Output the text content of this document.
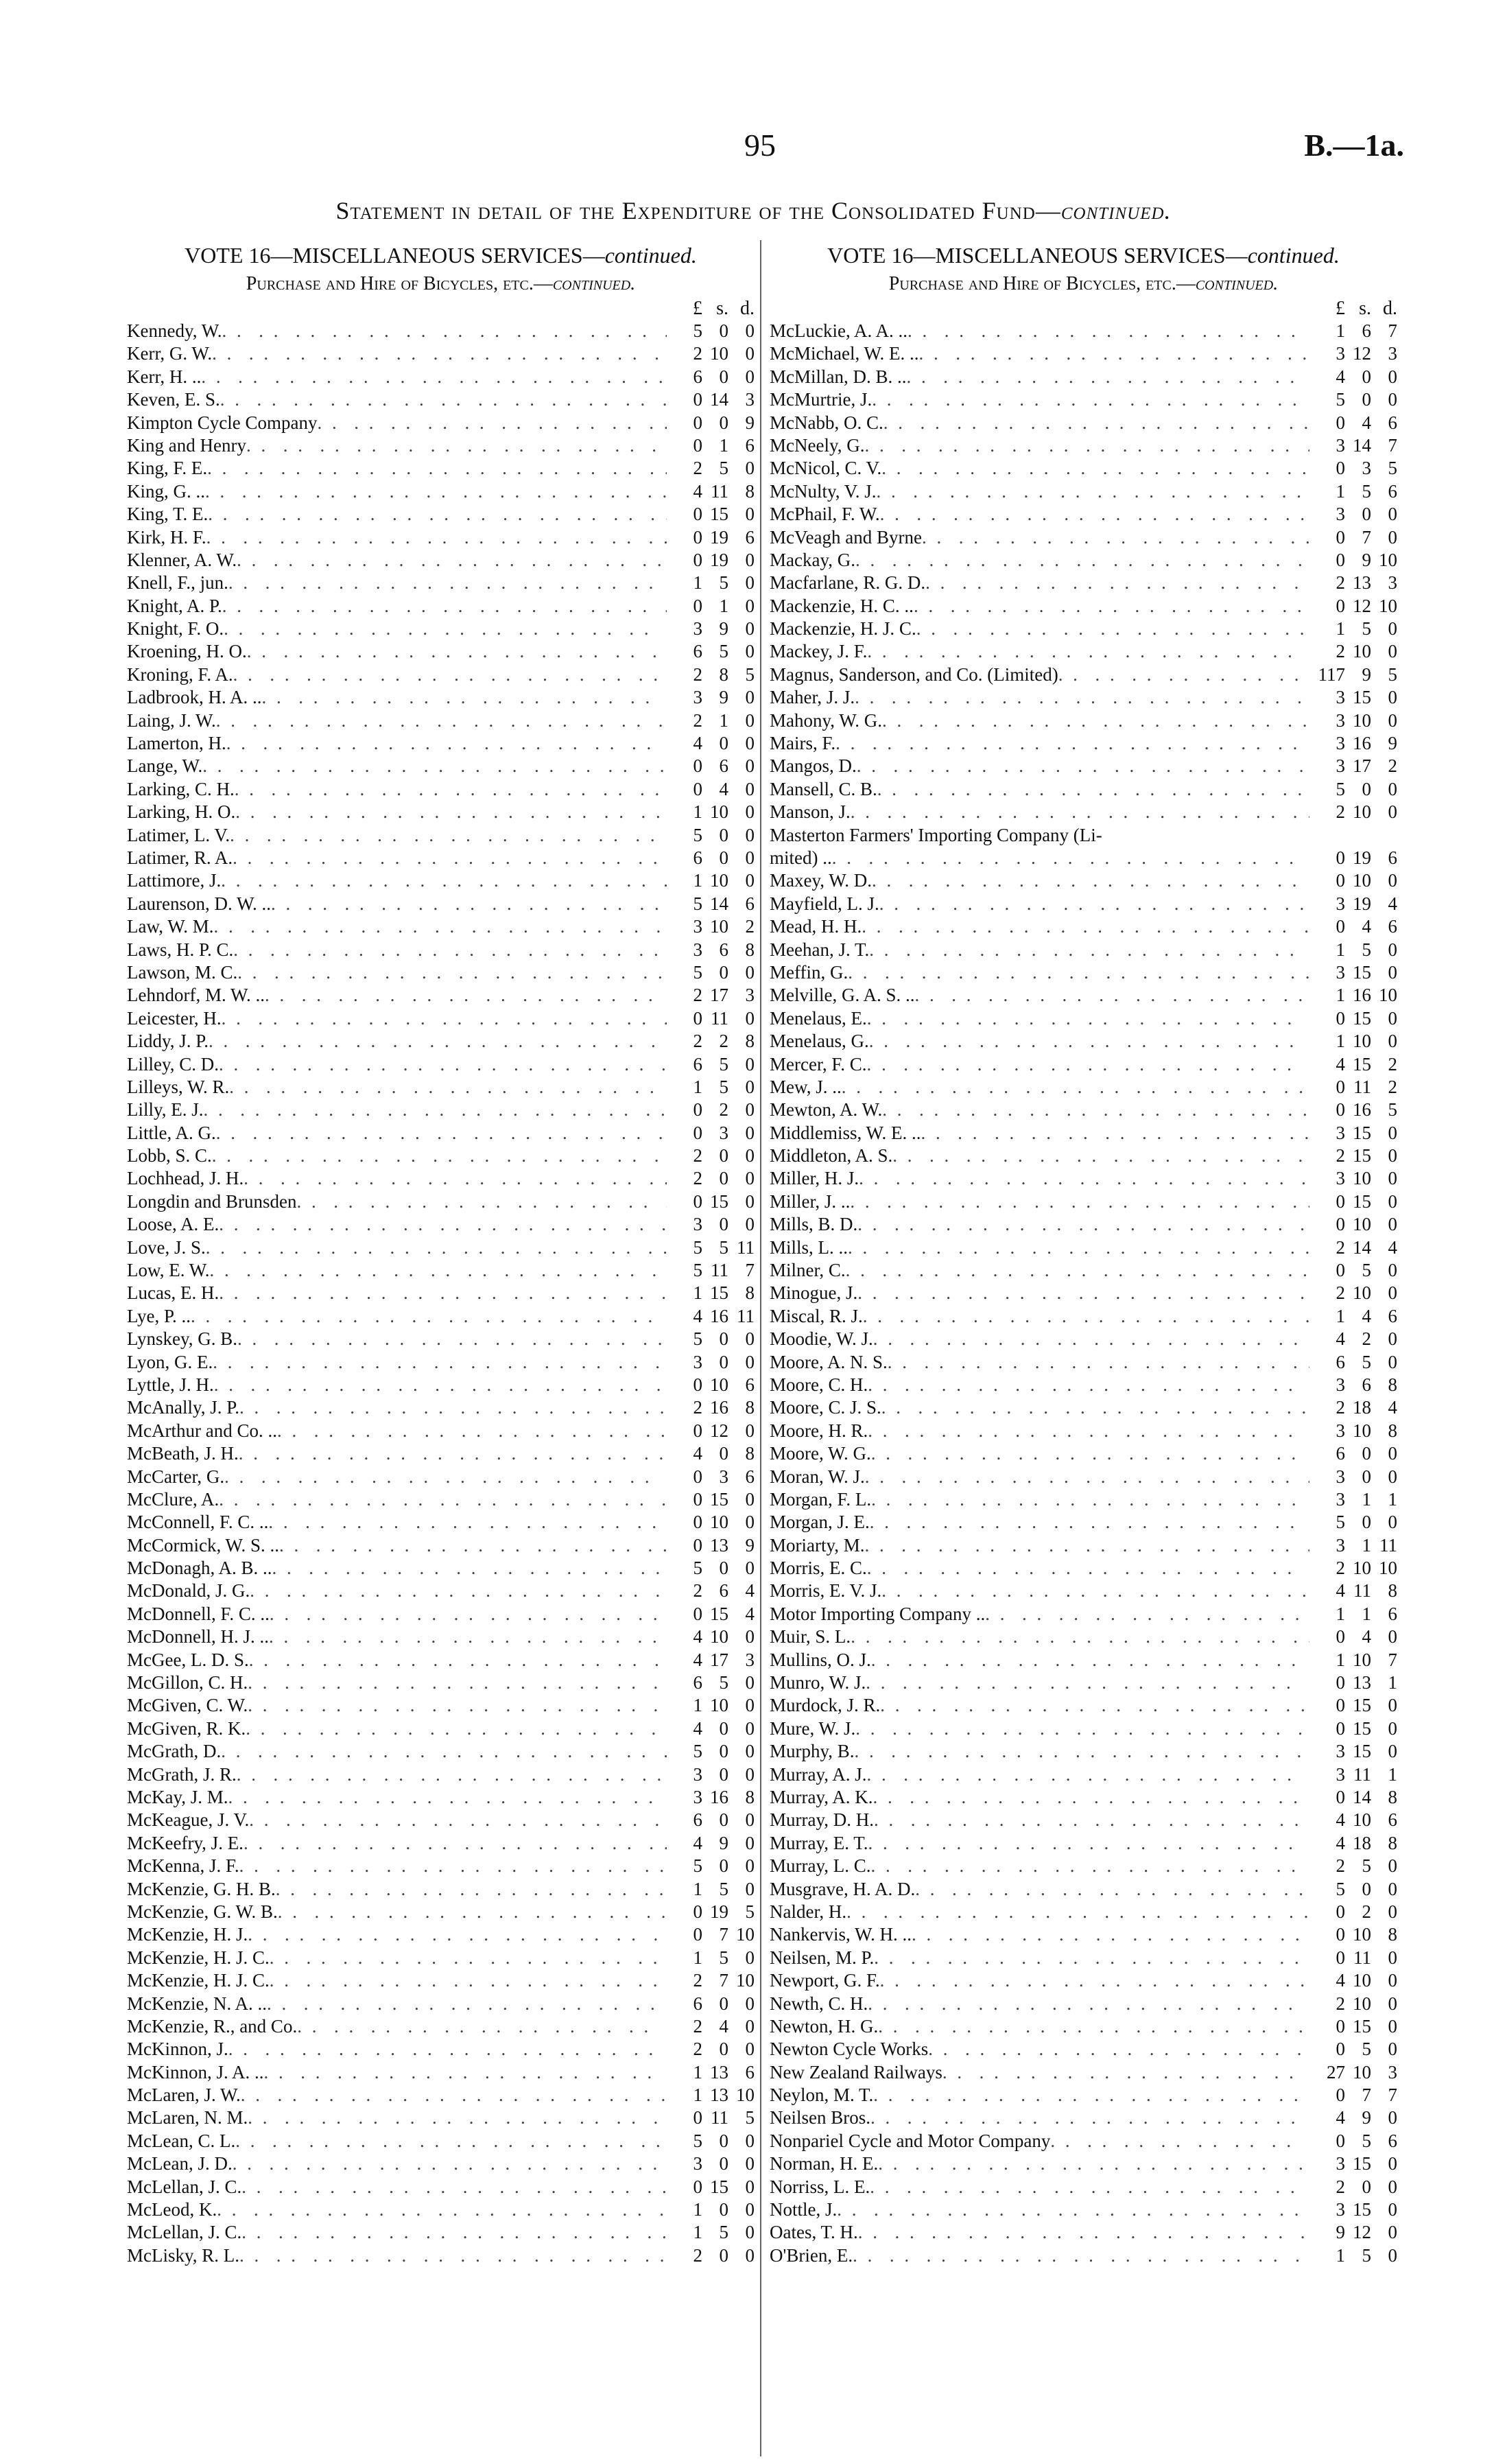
95	B.—1a.
Statement in detail of the Expenditure of the Consolidated Fund—continued.
VOTE 16—MISCELLANEOUS SERVICES—continued.
Purchase and Hire of Bicycles, etc.—continued.
£ s. d.
Kennedy, W. . .	5 0 0
Kerr, G. W. . .	2 10 0
Kerr, H. .. . .	6 0 0
Keven, E. S. . .	0 14 3
Kimpton Cycle Company . .	0 0 9
King and Henry . .	0 1 6
King, F. E. . .	2 5 0
King, G. .. . .	4 11 8
King, T. E. . .	0 15 0
Kirk, H. F. . .	0 19 6
Klenner, A. W. . .	0 19 0
Knell, F., jun. . .	1 5 0
Knight, A. P. . .	0 1 0
Knight, F. O. . .	3 9 0
Kroening, H. O. . .	6 5 0
Kroning, F. A. . .	2 8 5
Ladbrook, H. A. .. . .	3 9 0
Laing, J. W. . .	2 1 0
Lamerton, H. . .	4 0 0
Lange, W. . .	0 6 0
Larking, C. H. . .	0 4 0
Larking, H. O. . .	1 10 0
Latimer, L. V. . .	5 0 0
Latimer, R. A. . .	6 0 0
Lattimore, J. . .	1 10 0
Laurenson, D. W. .. . .	5 14 6
Law, W. M. . .	3 10 2
Laws, H. P. C. . .	3 6 8
Lawson, M. C. . .	5 0 0
Lehndorf, M. W. .. . .	2 17 3
Leicester, H. . .	0 11 0
Liddy, J. P. . .	2 2 8
Lilley, C. D. . .	6 5 0
Lilleys, W. R. . .	1 5 0
Lilly, E. J. . .	0 2 0
Little, A. G. . .	0 3 0
Lobb, S. C. . .	2 0 0
Lochhead, J. H. . .	2 0 0
Longdin and Brunsden . .	0 15 0
Loose, A. E. . .	3 0 0
Love, J. S. . .	5 5 11
Low, E. W. . .	5 11 7
Lucas, E. H. . .	1 15 8
Lye, P. .. . .	4 16 11
Lynskey, G. B. . .	5 0 0
Lyon, G. E. . .	3 0 0
Lyttle, J. H. . .	0 10 6
McAnally, J. P. . .	2 16 8
McArthur and Co. .. . .	0 12 0
McBeath, J. H. . .	4 0 8
McCarter, G. . .	0 3 6
McClure, A. . .	0 15 0
McConnell, F. C. .. . .	0 10 0
McCormick, W. S. .. . .	0 13 9
McDonagh, A. B. .. . .	5 0 0
McDonald, J. G. . .	2 6 4
McDonnell, F. C. .. . .	0 15 4
McDonnell, H. J. .. . .	4 10 0
McGee, L. D. S. . .	4 17 3
McGillon, C. H. . .	6 5 0
McGiven, C. W. . .	1 10 0
McGiven, R. K. . .	4 0 0
McGrath, D. . .	5 0 0
McGrath, J. R. . .	3 0 0
McKay, J. M. . .	3 16 8
McKeague, J. V. . .	6 0 0
McKeefry, J. E. . .	4 9 0
McKenna, J. F. . .	5 0 0
McKenzie, G. H. B. . .	1 5 0
McKenzie, G. W. B. . .	0 19 5
McKenzie, H. J. . .	0 7 10
McKenzie, H. J. C. . .	1 5 0
McKenzie, H. J. C. . .	2 7 10
McKenzie, N. A. .. . .	6 0 0
McKenzie, R., and Co. . .	2 4 0
McKinnon, J. . .	2 0 0
McKinnon, J. A. .. . .	1 13 6
McLaren, J. W. . .	1 13 10
McLaren, N. M. . .	0 11 5
McLean, C. L. . .	5 0 0
McLean, J. D. . .	3 0 0
McLellan, J. C. . .	0 15 0
McLeod, K. . .	1 0 0
McLellan, J. C. . .	1 5 0
McLisky, R. L. . .	2 0 0
VOTE 16—MISCELLANEOUS SERVICES—continued.
Purchase and Hire of Bicycles, etc.—continued.
£ s. d.
McLuckie, A. A. .. . .	1 6 7
McMichael, W. E. .. . .	3 12 3
McMillan, D. B. .. . .	4 0 0
McMurtrie, J. . .	5 0 0
McNabb, O. C. . .	0 4 6
McNeely, G. . .	3 14 7
McNicol, C. V. . .	0 3 5
McNulty, V. J. . .	1 5 6
McPhail, F. W. . .	3 0 0
McVeagh and Byrne . .	0 7 0
Mackay, G. . .	0 9 10
Macfarlane, R. G. D. . .	2 13 3
Mackenzie, H. C. .. . .	0 12 10
Mackenzie, H. J. C. . .	1 5 0
Mackey, J. F. . .	2 10 0
Magnus, Sanderson, and Co. (Limited) . .	117 9 5
Maher, J. J. . .	3 15 0
Mahony, W. G. . .	3 10 0
Mairs, F. . .	3 16 9
Mangos, D. . .	3 17 2
Mansell, C. B. . .	5 0 0
Manson, J. . .	2 10 0
Masterton Farmers' Importing Company (Li-
mited) .. . .	0 19 6
Maxey, W. D. . .	0 10 0
Mayfield, L. J. . .	3 19 4
Mead, H. H. . .	0 4 6
Meehan, J. T. . .	1 5 0
Meffin, G. . .	3 15 0
Melville, G. A. S. .. . .	1 16 10
Menelaus, E. . .	0 15 0
Menelaus, G. . .	1 10 0
Mercer, F. C. . .	4 15 2
Mew, J. .. . .	0 11 2
Mewton, A. W. . .	0 16 5
Middlemiss, W. E. .. . .	3 15 0
Middleton, A. S. . .	2 15 0
Miller, H. J. . .	3 10 0
Miller, J. .. . .	0 15 0
Mills, B. D. . .	0 10 0
Mills, L. .. . .	2 14 4
Milner, C. . .	0 5 0
Minogue, J. . .	2 10 0
Miscal, R. J. . .	1 4 6
Moodie, W. J. . .	4 2 0
Moore, A. N. S. . .	6 5 0
Moore, C. H. . .	3 6 8
Moore, C. J. S. . .	2 18 4
Moore, H. R. . .	3 10 8
Moore, W. G. . .	6 0 0
Moran, W. J. . .	3 0 0
Morgan, F. L. . .	3 1 1
Morgan, J. E. . .	5 0 0
Moriarty, M. . .	3 1 11
Morris, E. C. . .	2 10 10
Morris, E. V. J. . .	4 11 8
Motor Importing Company .. . .	1 1 6
Muir, S. L. . .	0 4 0
Mullins, O. J. . .	1 10 7
Munro, W. J. . .	0 13 1
Murdock, J. R. . .	0 15 0
Mure, W. J. . .	0 15 0
Murphy, B. . .	3 15 0
Murray, A. J. . .	3 11 1
Murray, A. K. . .	0 14 8
Murray, D. H. . .	4 10 6
Murray, E. T. . .	4 18 8
Murray, L. C. . .	2 5 0
Musgrave, H. A. D. . .	5 0 0
Nalder, H. . .	0 2 0
Nankervis, W. H. .. . .	0 10 8
Neilsen, M. P. . .	0 11 0
Newport, G. F. . .	4 10 0
Newth, C. H. . .	2 10 0
Newton, H. G. . .	0 15 0
Newton Cycle Works . .	0 5 0
New Zealand Railways . .	27 10 3
Neylon, M. T. . .	0 7 7
Neilsen Bros. . .	4 9 0
Nonpariel Cycle and Motor Company . .	0 5 6
Norman, H. E. . .	3 15 0
Norriss, L. E. . .	2 0 0
Nottle, J. . .	3 15 0
Oates, T. H. . .	9 12 0
O'Brien, E. . .	1 5 0
